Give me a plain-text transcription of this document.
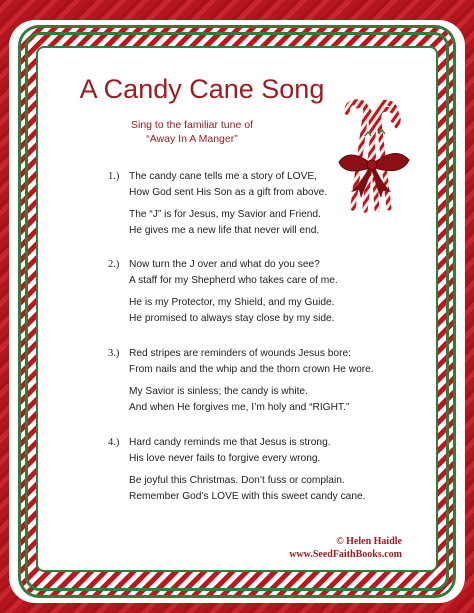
A Candy Cane Song
Sing to the familiar tune of
“Away In A Manger”
1.) The candy cane tells me a story of LOVE,
How God sent His Son as a gift from above.

The “J” is for Jesus, my Savior and Friend.
He gives me a new life that never will end.

2.) Now turn the J over and what do you see?
A staff for my Shepherd who takes care of me.

He is my Protector, my Shield, and my Guide.
He promised to always stay close by my side.

3.) Red stripes are reminders of wounds Jesus bore:
From nails and the whip and the thorn crown He wore.

My Savior is sinless; the candy is white.
And when He forgives me, I’m holy and “RIGHT.”

4.) Hard candy reminds me that Jesus is strong.
His love never fails to forgive every wrong.

Be joyful this Christmas. Don’t fuss or complain.
Remember God’s LOVE with this sweet candy cane.

© Helen Haidle
www.SeedFaithBooks.com
